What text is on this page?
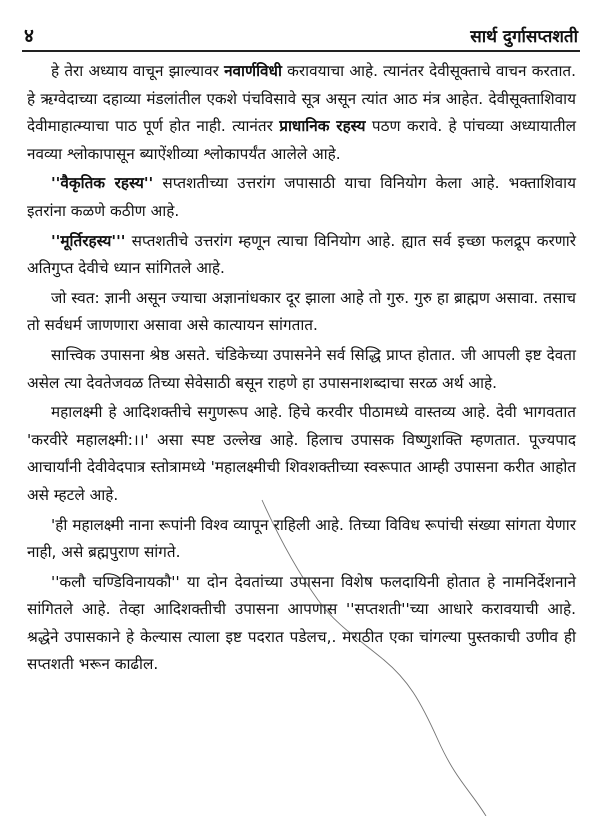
४	सार्थ दुर्गासप्तशती

हे तेरा अध्याय वाचून झाल्यावर नवार्णविधी करावयाचा आहे. त्यानंतर देवीसूक्ताचे वाचन करतात. हे ऋग्वेदाच्या दहाव्या मंडलांतील एकशे पंचविसावे सूत्र असून त्यांत आठ मंत्र आहेत. देवीसूक्ताशिवाय देवीमाहात्म्याचा पाठ पूर्ण होत नाही. त्यानंतर प्राधानिक रहस्य पठण करावे. हे पांचव्या अध्यायातील नवव्या श्लोकापासून ब्याऐंशीव्या श्लोकापर्यंत आलेले आहे.

''वैकृतिक रहस्य'' सप्तशतीच्या उत्तरांग जपासाठी याचा विनियोग केला आहे. भक्ताशिवाय इतरांना कळणे कठीण आहे.

''मूर्तिरहस्य''' सप्तशतीचे उत्तरांग म्हणून त्याचा विनियोग आहे. ह्यात सर्व इच्छा फलद्रूप करणारे अतिगुप्त देवीचे ध्यान सांगितले आहे.

जो स्वत: ज्ञानी असून ज्याचा अज्ञानांधकार दूर झाला आहे तो गुरु. गुरु हा ब्राह्मण असावा. तसाच तो सर्वधर्म जाणणारा असावा असे कात्यायन सांगतात.

सात्त्विक उपासना श्रेष्ठ असते. चंडिकेच्या उपासनेने सर्व सिद्धि प्राप्त होतात. जी आपली इष्ट देवता असेल त्या देवतेजवळ तिच्या सेवेसाठी बसून राहणे हा उपासनाशब्दाचा सरळ अर्थ आहे.

महालक्ष्मी हे आदिशक्तीचे सगुणरूप आहे. हिचे करवीर पीठामध्ये वास्तव्य आहे. देवी भागवतात 'करवीरे महालक्ष्मी:।।' असा स्पष्ट उल्लेख आहे. हिलाच उपासक विष्णुशक्ति म्हणतात. पूज्यपाद आचार्यांनी देवीवेदपात्र स्तोत्रामध्ये 'महालक्ष्मीची शिवशक्तीच्या स्वरूपात आम्ही उपासना करीत आहोत असे म्हटले आहे.

'ही महालक्ष्मी नाना रूपांनी विश्व व्यापून राहिली आहे. तिच्या विविध रूपांची संख्या सांगता येणार नाही, असे ब्रह्मपुराण सांगते.

''कलौ चण्डिविनायकौ'' या दोन देवतांच्या उपासना विशेष फलदायिनी होतात हे नामनिर्देशनाने सांगितले आहे. तेव्हा आदिशक्तीची उपासना आपणास ''सप्तशती''च्या आधारे करावयाची आहे. श्रद्धेने उपासकाने हे केल्यास त्याला इष्ट पदरात पडेलच,. मराठीत एका चांगल्या पुस्तकाची उणीव ही सप्तशती भरून काढील.
